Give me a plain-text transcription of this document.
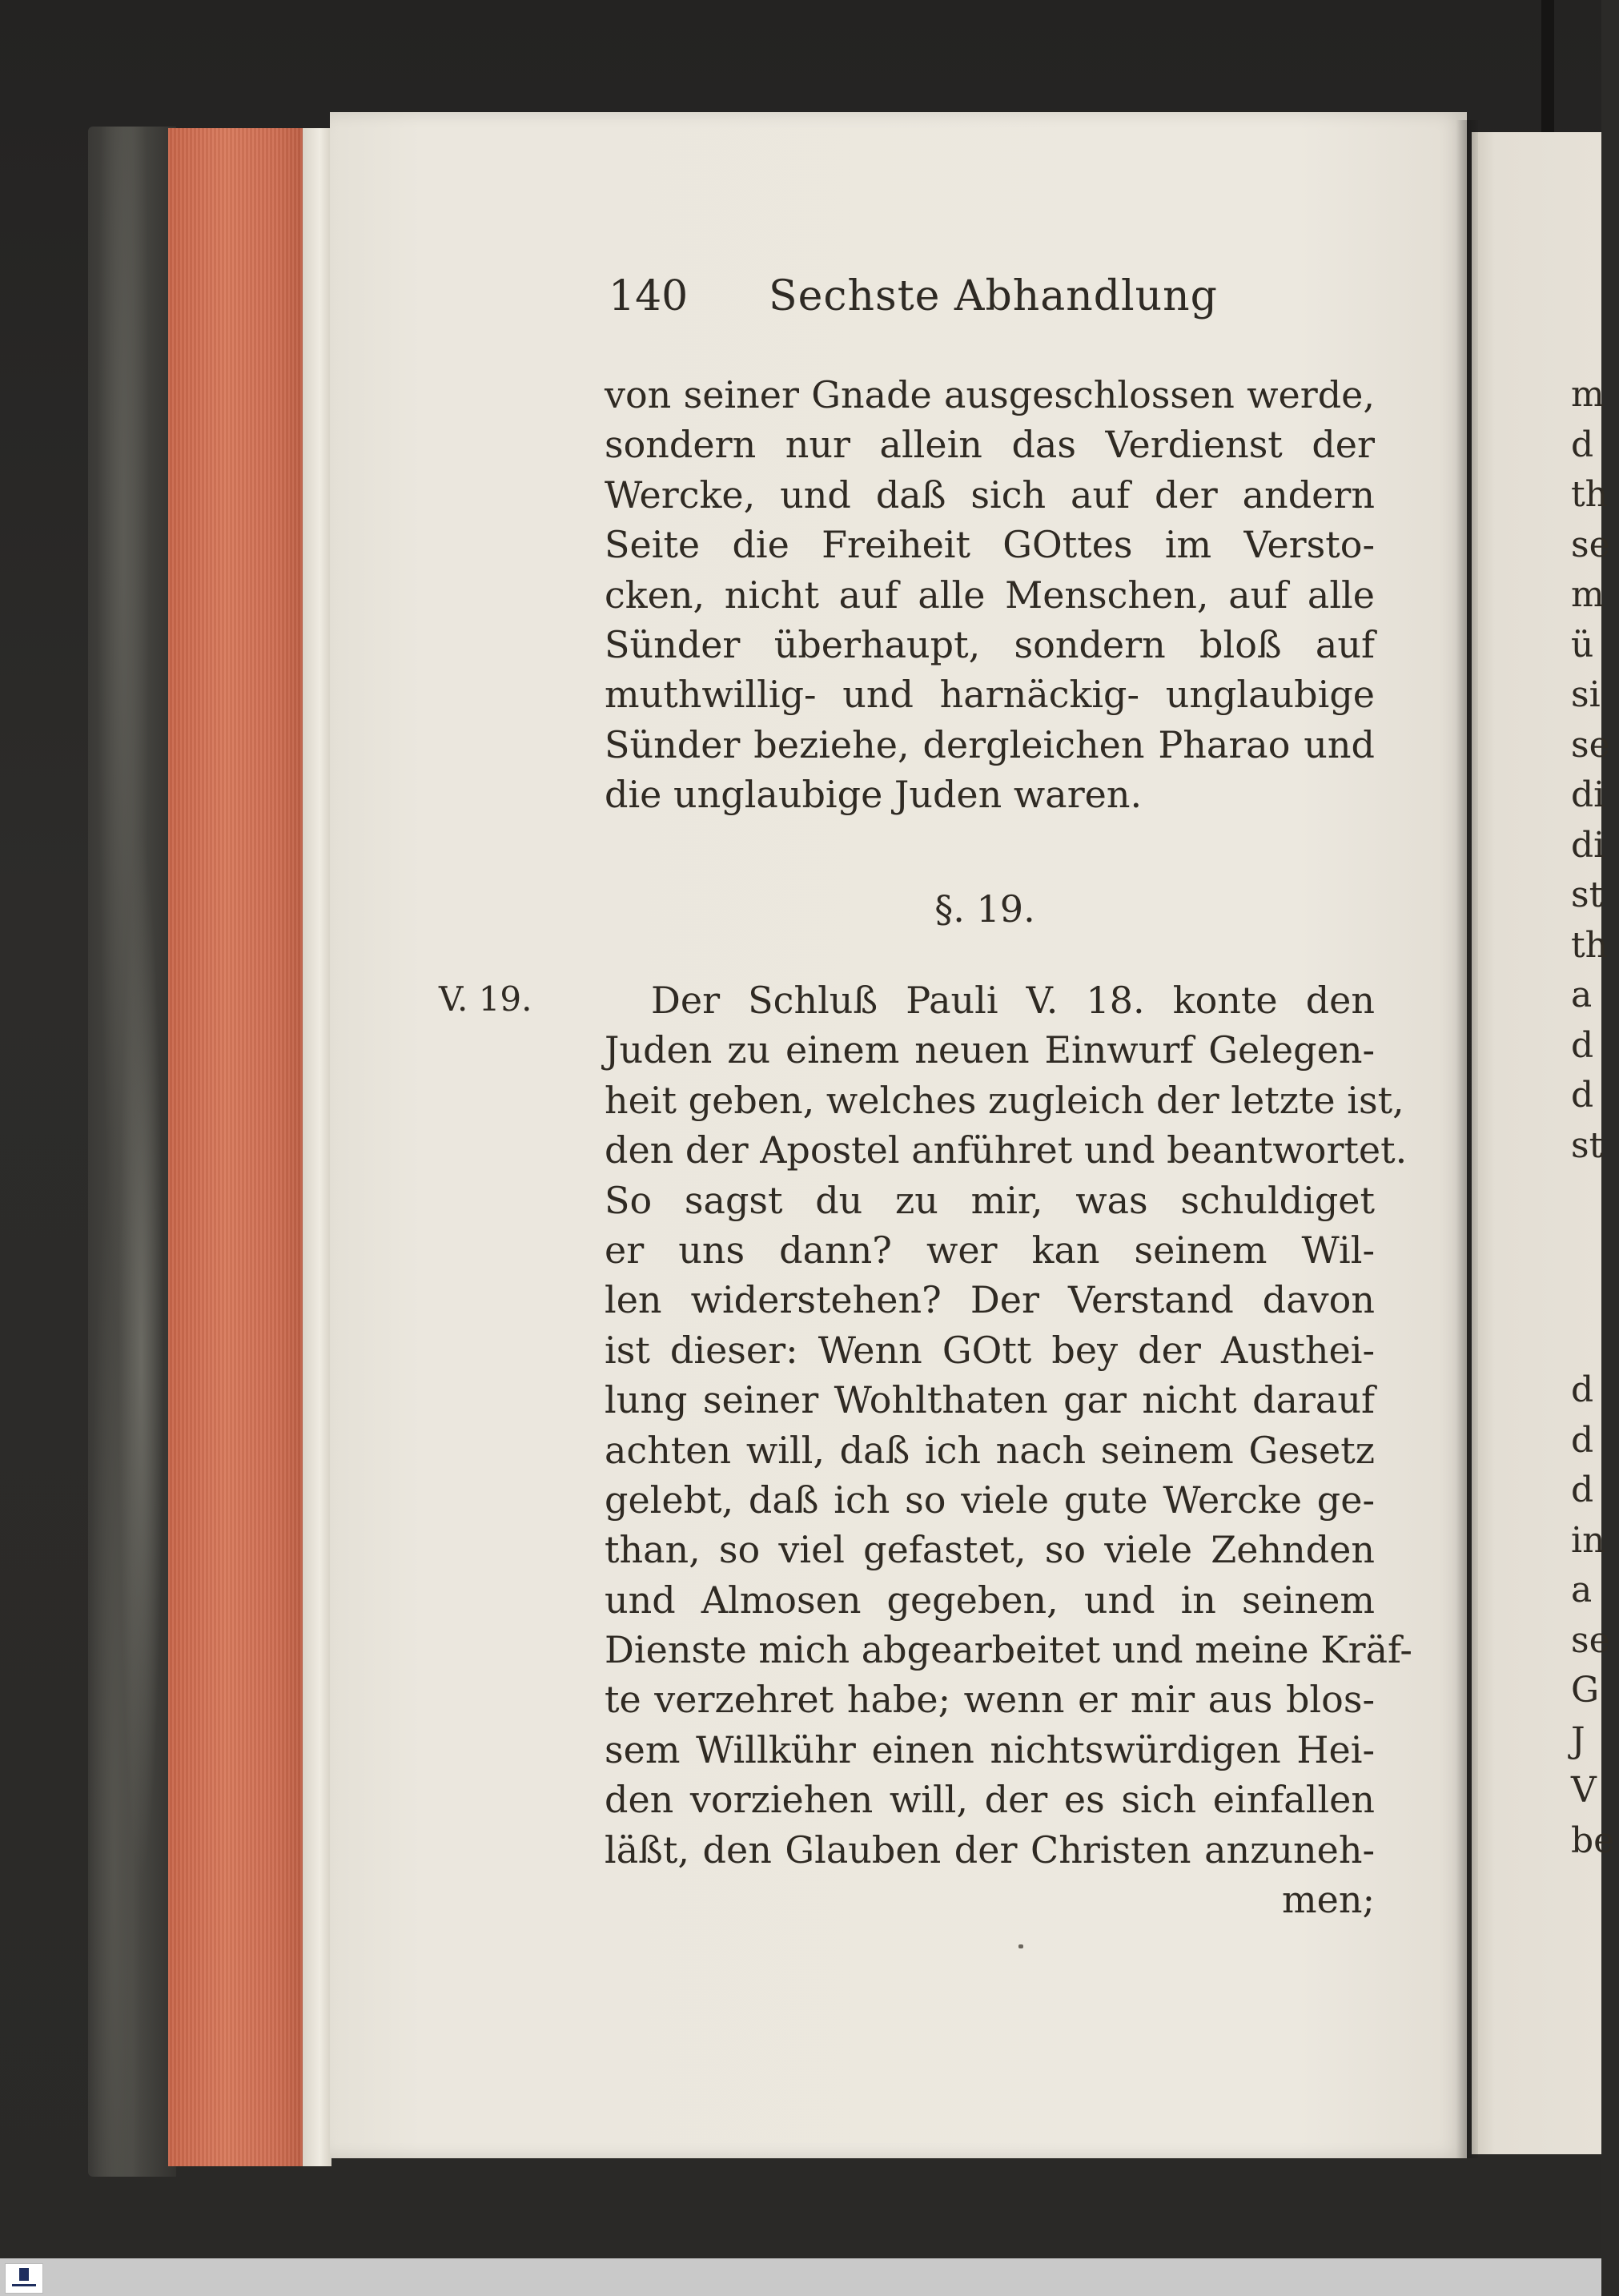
140 Sechste Abhandlung
von seiner Gnade ausgeschlossen werde,
sondern nur allein das Verdienst der
Wercke, und daß sich auf der andern
Seite die Freiheit GOttes im Versto-
cken, nicht auf alle Menschen, auf alle
Sünder überhaupt, sondern bloß auf
muthwillig- und harnäckig- unglaubige
Sünder beziehe, dergleichen Pharao und
die unglaubige Juden waren.
§. 19.
V. 19.	Der Schluß Pauli V. 18. konte den
Juden zu einem neuen Einwurf Gelegen-
heit geben, welches zugleich der letzte ist,
den der Apostel anführet und beantwortet.
So sagst du zu mir, was schuldiget
er uns dann? wer kan seinem Wil-
len widerstehen? Der Verstand davon
ist dieser: Wenn GOtt bey der Austhei-
lung seiner Wohlthaten gar nicht darauf
achten will, daß ich nach seinem Gesetz
gelebt, daß ich so viele gute Wercke ge-
than, so viel gefastet, so viele Zehnden
und Almosen gegeben, und in seinem
Dienste mich abgearbeitet und meine Kräf-
te verzehret habe; wenn er mir aus blos-
sem Willkühr einen nichtswürdigen Hei-
den vorziehen will, der es sich einfallen
läßt, den Glauben der Christen anzuneh-
men;
m
d
th
se
m
ü
si
se
di
di
st
th
a
d
d
st
d
d
d
in
a
se
G
J
V
be
